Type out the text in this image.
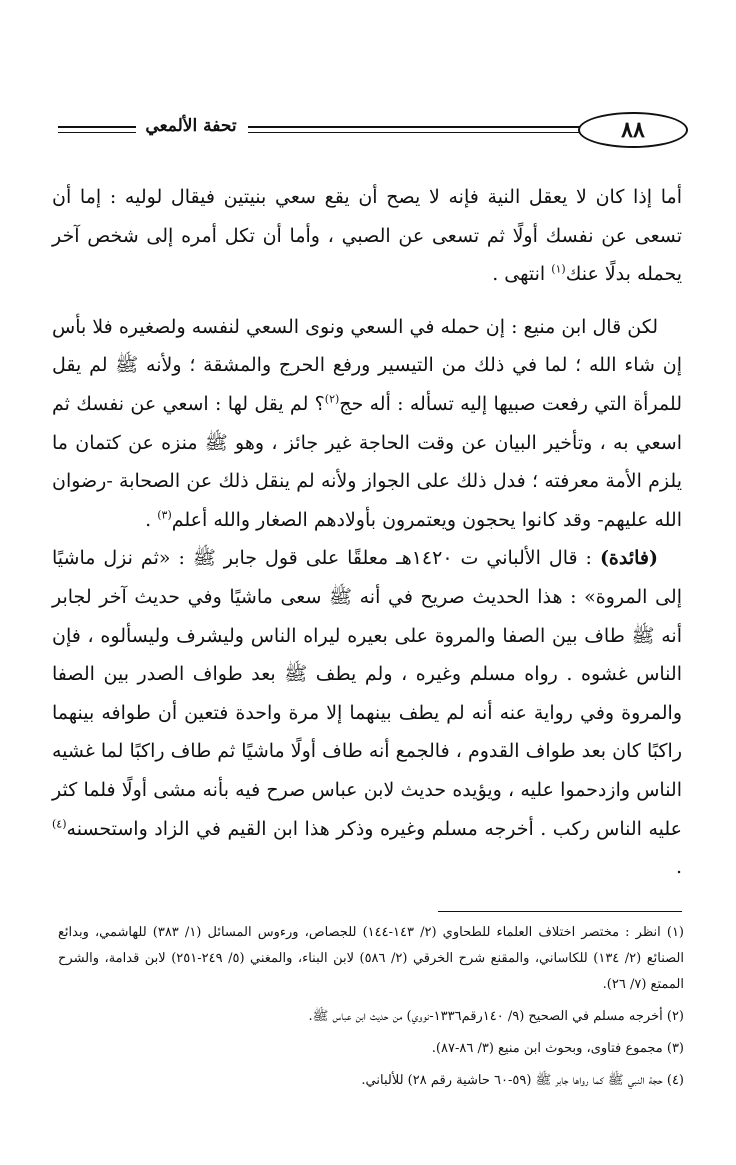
تحفة الألمعي	٨٨

أما إذا كان لا يعقل النية فإنه لا يصح أن يقع سعي بنيتين فيقال لوليه : إما أن تسعى عن نفسك أولًا ثم تسعى عن الصبي ، وأما أن تكل أمره إلى شخص آخر يحمله بدلًا عنك$^{(١)}$ انتهى .

لكن قال ابن منيع : إن حمله في السعي ونوى السعي لنفسه ولصغيره فلا بأس إن شاء الله ؛ لما في ذلك من التيسير ورفع الحرج والمشقة ؛ ولأنه ﷺ لم يقل للمرأة التي رفعت صبيها إليه تسأله : أله حج$^{(٢)}$؟ لم يقل لها : اسعي عن نفسك ثم اسعي به ، وتأخير البيان عن وقت الحاجة غير جائز ، وهو ﷺ منزه عن كتمان ما يلزم الأمة معرفته ؛ فدل ذلك على الجواز ولأنه لم ينقل ذلك عن الصحابة -رضوان الله عليهم- وقد كانوا يحجون ويعتمرون بأولادهم الصغار والله أعلم$^{(٣)}$ .

(فائدة) : قال الألباني ت ١٤٢٠هـ معلقًا على قول جابر ﷺ : «ثم نزل ماشيًا إلى المروة» : هذا الحديث صريح في أنه ﷺ سعى ماشيًا وفي حديث آخر لجابر أنه ﷺ طاف بين الصفا والمروة على بعيره ليراه الناس وليشرف وليسألوه ، فإن الناس غشوه . رواه مسلم وغيره ، ولم يطف ﷺ بعد طواف الصدر بين الصفا والمروة وفي رواية عنه أنه لم يطف بينهما إلا مرة واحدة فتعين أن طوافه بينهما راكبًا كان بعد طواف القدوم ، فالجمع أنه طاف أولًا ماشيًا ثم طاف راكبًا لما غشيه الناس وازدحموا عليه ، ويؤيده حديث لابن عباس صرح فيه بأنه مشى أولًا فلما كثر عليه الناس ركب . أخرجه مسلم وغيره وذكر هذا ابن القيم في الزاد واستحسنه$^{(٤)}$ .

(١) انظر : مختصر اختلاف العلماء للطحاوي (٢/ ١٤٣-١٤٤) للجصاص، ورءوس المسائل (١/ ٣٨٣) للهاشمي، وبدائع الصنائع (٢/ ١٣٤) للكاساني، والمقنع شرح الخرقي (٢/ ٥٨٦) لابن البناء، والمغني (٥/ ٢٤٩-٢٥١) لابن قدامة، والشرح الممتع (٧/ ٢٦).

(٢) أخرجه مسلم في الصحيح (٩/ ١٤٠رقم١٣٣٦-نووي) من حديث ابن عباس ﷺ.

(٣) مجموع فتاوى، وبحوث ابن منيع (٣/ ٨٦-٨٧).

(٤) حجة النبي ﷺ كما رواها جابر ﷺ (٥٩-٦٠ حاشية رقم ٢٨) للألباني.
